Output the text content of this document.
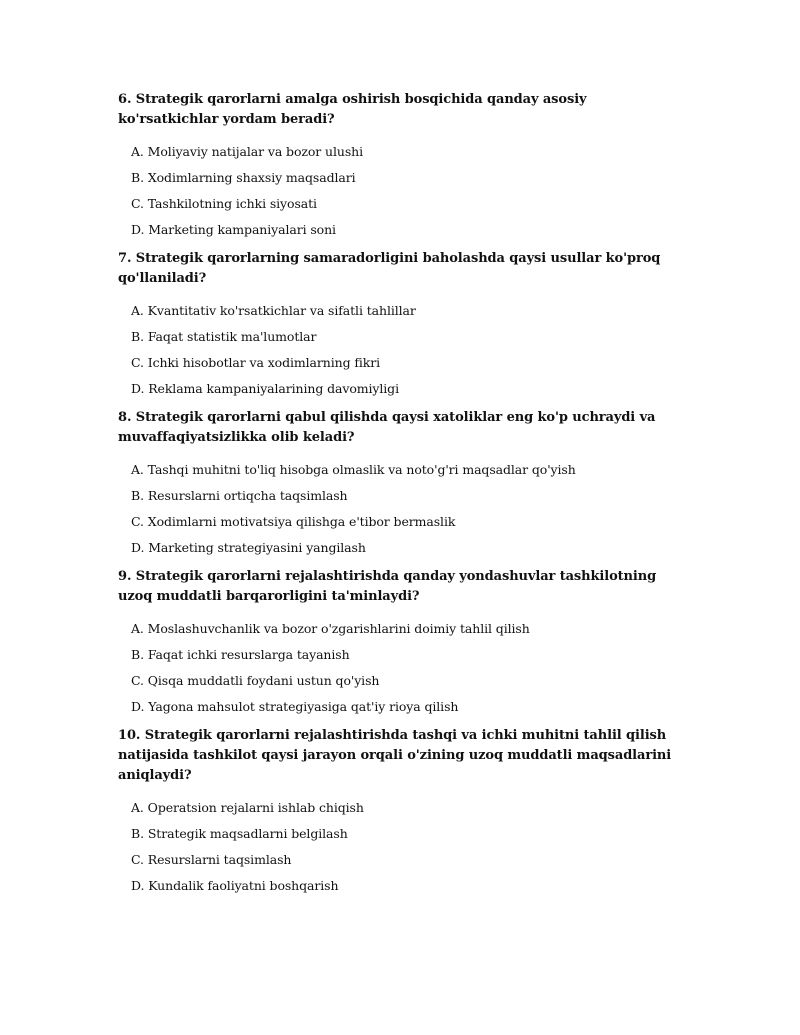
6. Strategik qarorlarni amalga oshirish bosqichida qanday asosiy ko'rsatkichlar yordam beradi?

A. Moliyaviy natijalar va bozor ulushi
B. Xodimlarning shaxsiy maqsadlari
C. Tashkilotning ichki siyosati
D. Marketing kampaniyalari soni

7. Strategik qarorlarning samaradorligini baholashda qaysi usullar ko'proq qo'llaniladi?

A. Kvantitativ ko'rsatkichlar va sifatli tahlillar
B. Faqat statistik ma'lumotlar
C. Ichki hisobotlar va xodimlarning fikri
D. Reklama kampaniyalarining davomiyligi

8. Strategik qarorlarni qabul qilishda qaysi xatoliklar eng ko'p uchraydi va muvaffaqiyatsizlikka olib keladi?

A. Tashqi muhitni to'liq hisobga olmaslik va noto'g'ri maqsadlar qo'yish
B. Resurslarni ortiqcha taqsimlash
C. Xodimlarni motivatsiya qilishga e'tibor bermaslik
D. Marketing strategiyasini yangilash

9. Strategik qarorlarni rejalashtirishda qanday yondashuvlar tashkilotning uzoq muddatli barqarorligini ta'minlaydi?

A. Moslashuvchanlik va bozor o'zgarishlarini doimiy tahlil qilish
B. Faqat ichki resurslarga tayanish
C. Qisqa muddatli foydani ustun qo'yish
D. Yagona mahsulot strategiyasiga qat'iy rioya qilish

10. Strategik qarorlarni rejalashtirishda tashqi va ichki muhitni tahlil qilish natijasida tashkilot qaysi jarayon orqali o'zining uzoq muddatli maqsadlarini aniqlaydi?

A. Operatsion rejalarni ishlab chiqish
B. Strategik maqsadlarni belgilash
C. Resurslarni taqsimlash
D. Kundalik faoliyatni boshqarish
